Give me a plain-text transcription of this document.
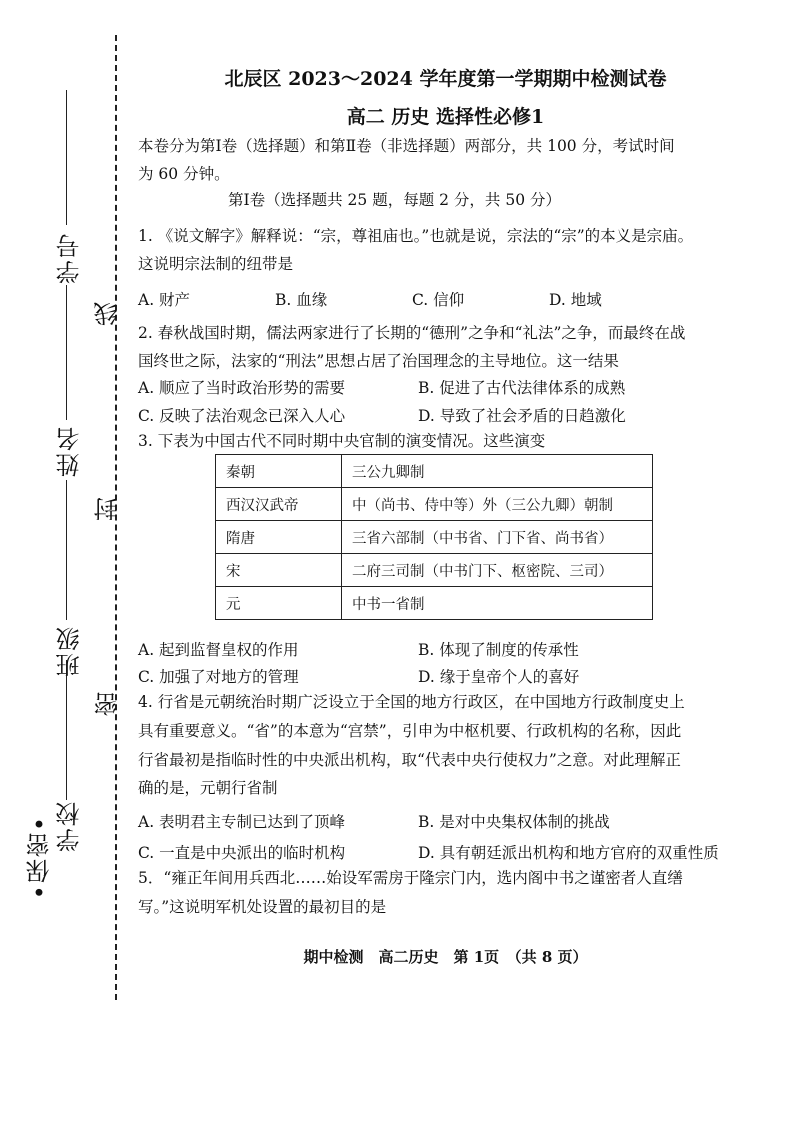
•保密• 学校
班级
姓名
学号
密
封
线
北辰区 2023～2024 学年度第一学期期中检测试卷
高二 历史 选择性必修1
本卷分为第Ⅰ卷（选择题）和第Ⅱ卷（非选择题）两部分，共 100 分，考试时间
为 60 分钟。
第Ⅰ卷（选择题共 25 题，每题 2 分，共 50 分）
1. 《说文解字》解释说：“宗，尊祖庙也。”也就是说，宗法的“宗”的本义是宗庙。
这说明宗法制的纽带是
A. 财产	B. 血缘	C. 信仰	D. 地域
2. 春秋战国时期，儒法两家进行了长期的“德刑”之争和“礼法”之争，而最终在战
国终世之际，法家的“刑法”思想占居了治国理念的主导地位。这一结果
A. 顺应了当时政治形势的需要	B. 促进了古代法律体系的成熟
C. 反映了法治观念已深入人心	D. 导致了社会矛盾的日趋激化
3. 下表为中国古代不同时期中央官制的演变情况。这些演变
秦朝	三公九卿制
西汉汉武帝	中（尚书、侍中等）外（三公九卿）朝制
隋唐	三省六部制（中书省、门下省、尚书省）
宋	二府三司制（中书门下、枢密院、三司）
元	中书一省制
A. 起到监督皇权的作用	B. 体现了制度的传承性
C. 加强了对地方的管理	D. 缘于皇帝个人的喜好
4. 行省是元朝统治时期广泛设立于全国的地方行政区，在中国地方行政制度史上
具有重要意义。“省”的本意为“宫禁”，引申为中枢机要、行政机构的名称，因此
行省最初是指临时性的中央派出机构，取“代表中央行使权力”之意。对此理解正
确的是，元朝行省制
A. 表明君主专制已达到了顶峰	B. 是对中央集权体制的挑战
C. 一直是中央派出的临时机构	D. 具有朝廷派出机构和地方官府的双重性质
5．“雍正年间用兵西北……始设军需房于隆宗门内，选内阁中书之谨密者人直缮
写。”这说明军机处设置的最初目的是
期中检测　高二历史　第 1页　（共 8 页）
